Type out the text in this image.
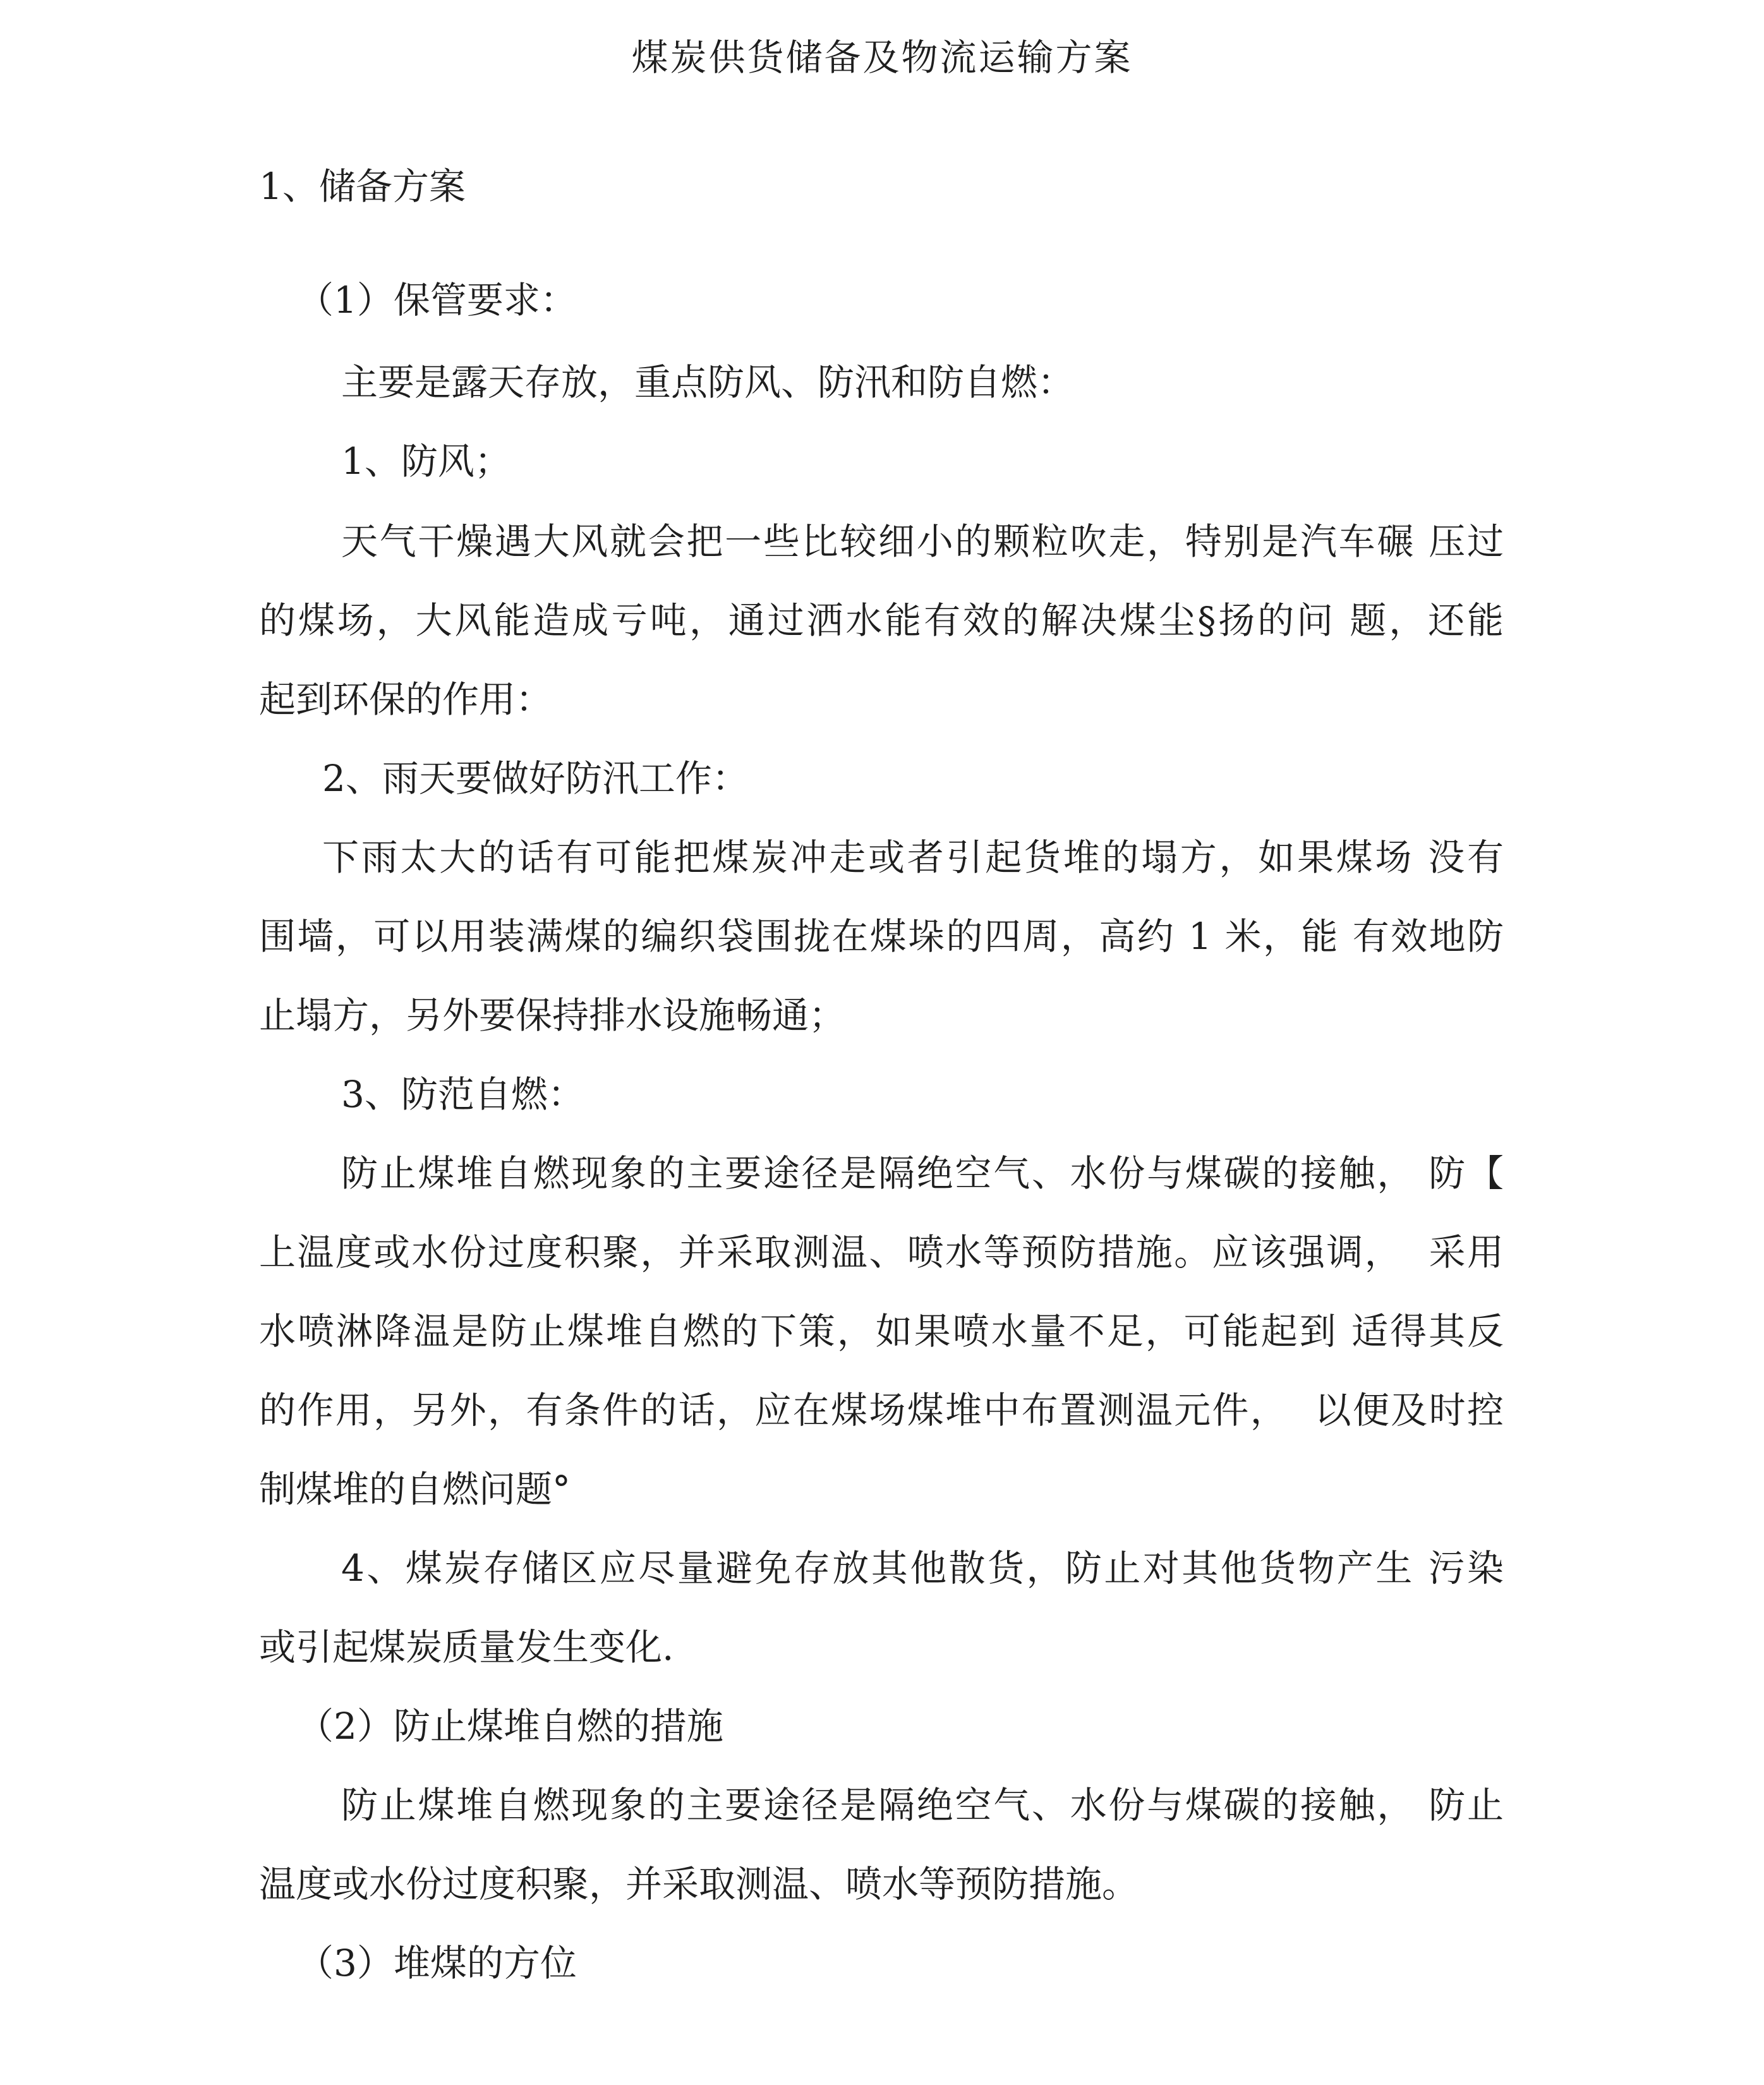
煤炭供货储备及物流运输方案
1、储备方案
（1）保管要求：
主要是露天存放，重点防风、防汛和防自燃：
1、防风；
天气干燥遇大风就会把一些比较细小的颗粒吹走，特别是汽车碾 压过
的煤场，大风能造成亏吨，通过洒水能有效的解决煤尘§扬的问 题，还能
起到环保的作用：
2、雨天要做好防汛工作：
下雨太大的话有可能把煤炭冲走或者引起货堆的塌方，如果煤场 没有
围墙，可以用装满煤的编织袋围拢在煤垛的四周，高约 1 米，能 有效地防
止塌方，另外要保持排水设施畅通；
3、防范自燃：
防止煤堆自燃现象的主要途径是隔绝空气、水份与煤碳的接触， 防【
上温度或水份过度积聚，并采取测温、喷水等预防措施。应该强调，  采用
水喷淋降温是防止煤堆自燃的下策，如果喷水量不足，可能起到 适得其反
的作用，另外，有条件的话，应在煤场煤堆中布置测温元件，  以便及时控
制煤堆的自燃问题°
4、煤炭存储区应尽量避免存放其他散货，防止对其他货物产生 污染
或引起煤炭质量发生变化.
（2）防止煤堆自燃的措施
防止煤堆自燃现象的主要途径是隔绝空气、水份与煤碳的接触， 防止
温度或水份过度积聚，并采取测温、喷水等预防措施。
（3）堆煤的方位
